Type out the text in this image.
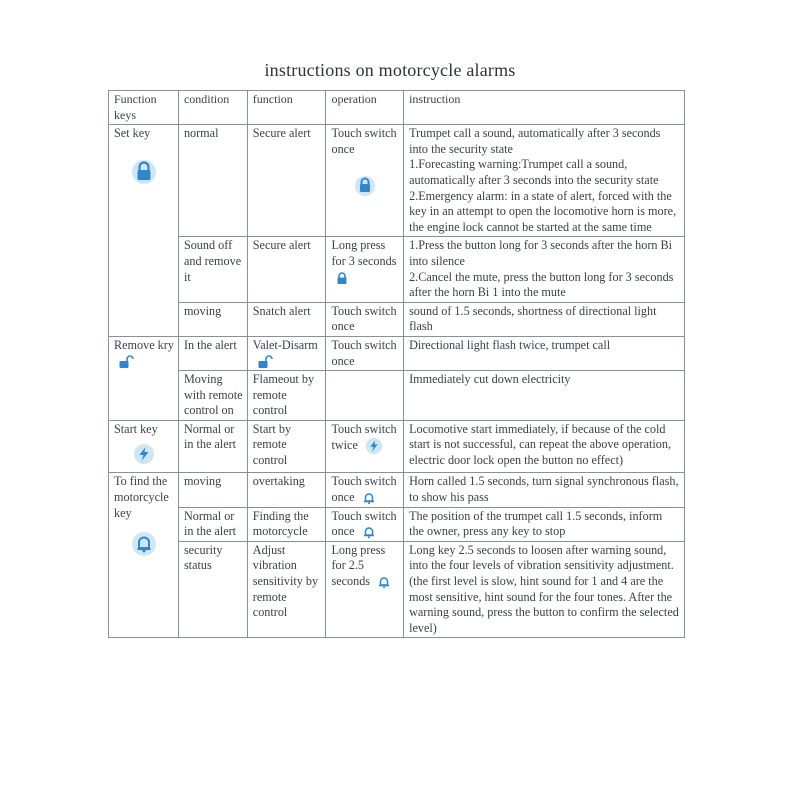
instructions on motorcycle alarms
Function keys	condition	function	operation	instruction
Set key	normal	Secure alert	Touch switch once	Trumpet call a sound, automatically after 3 seconds into the security state
1.Forecasting warning:Trumpet call a sound, automatically after 3 seconds into the security state
2.Emergency alarm: in a state of alert, forced with the key in an attempt to open the locomotive horn is more, the engine lock cannot be started at the same time

	Sound off and remove it	Secure alert	Long press for 3 seconds	1.Press the button long for 3 seconds after the horn Bi into silence
2.Cancel the mute, press the button long for 3 seconds after the horn Bi 1 into the mute

	moving	Snatch alert	Touch switch once	sound of 1.5 seconds, shortness of directional light flash
Remove kry	In the alert	Valet-Disarm	Touch switch once	Directional light flash twice, trumpet call
	Moving with remote control on	Flameout by remote control		Immediately cut down electricity
Start key	Normal or in the alert	Start by remote control	Touch switch twice	Locomotive start immediately, if because of the cold start is not successful, can repeat the above operation, electric door lock open the button no effect)
To find the motorcycle key	moving	overtaking	Touch switch once	Horn called 1.5 seconds, turn signal synchronous flash, to show his pass
	Normal or in the alert	Finding the motorcycle	Touch switch once	The position of the trumpet call 1.5 seconds, inform the owner, press any key to stop
	security status	Adjust vibration sensitivity by remote control	Long press for 2.5 seconds	Long key 2.5 seconds to loosen after warning sound, into the four levels of vibration sensitivity adjustment.(the first level is slow, hint sound for 1 and 4 are the most sensitive, hint sound for the four tones. After the warning sound, press the button to confirm the selected level)
